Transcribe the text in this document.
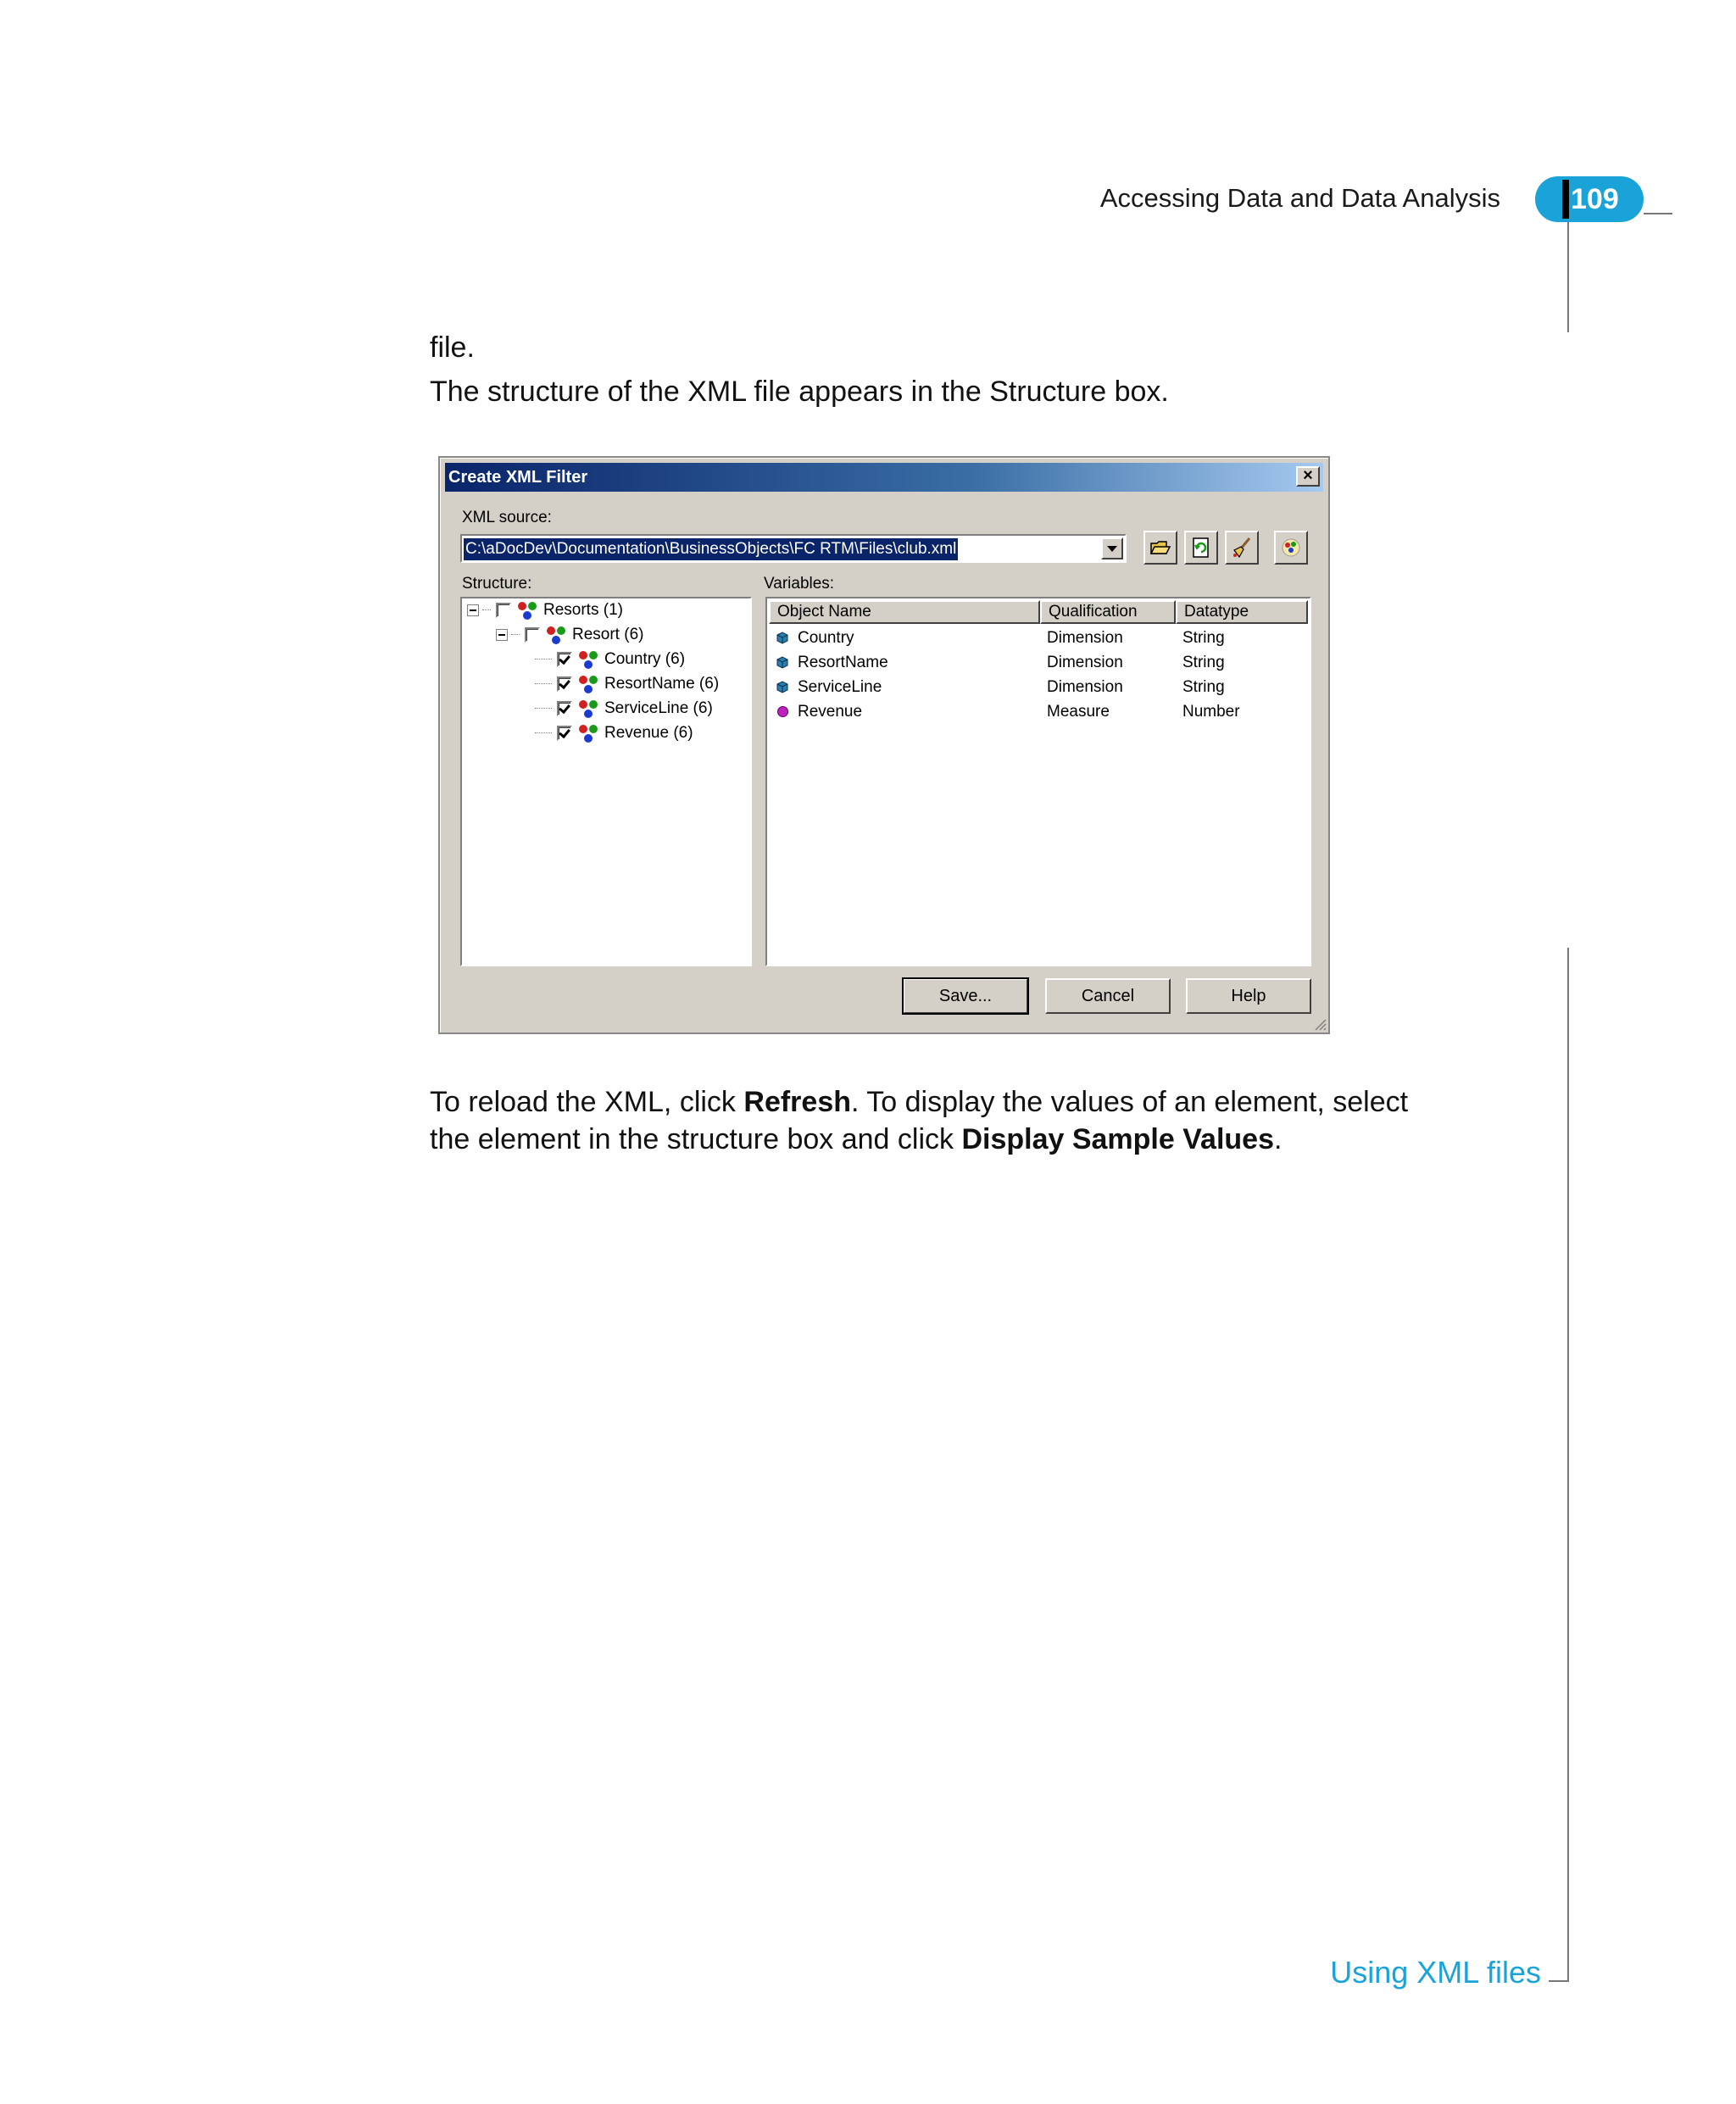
Accessing Data and Data Analysis 109
file.
The structure of the XML file appears in the Structure box.
Create XML Filter	×
XML source:
C:\aDocDev\Documentation\BusinessObjects\FC RTM\Files\club.xml
Structure:	Variables:
Resorts (1)
Resort (6)
Country (6)
ResortName (6)
ServiceLine (6)
Revenue (6)
Object Name	Qualification	Datatype
Country	Dimension	String
ResortName	Dimension	String
ServiceLine	Dimension	String
Revenue	Measure	Number
Save...	Cancel	Help
To reload the XML, click Refresh. To display the values of an element, select
the element in the structure box and click Display Sample Values.
Using XML files
